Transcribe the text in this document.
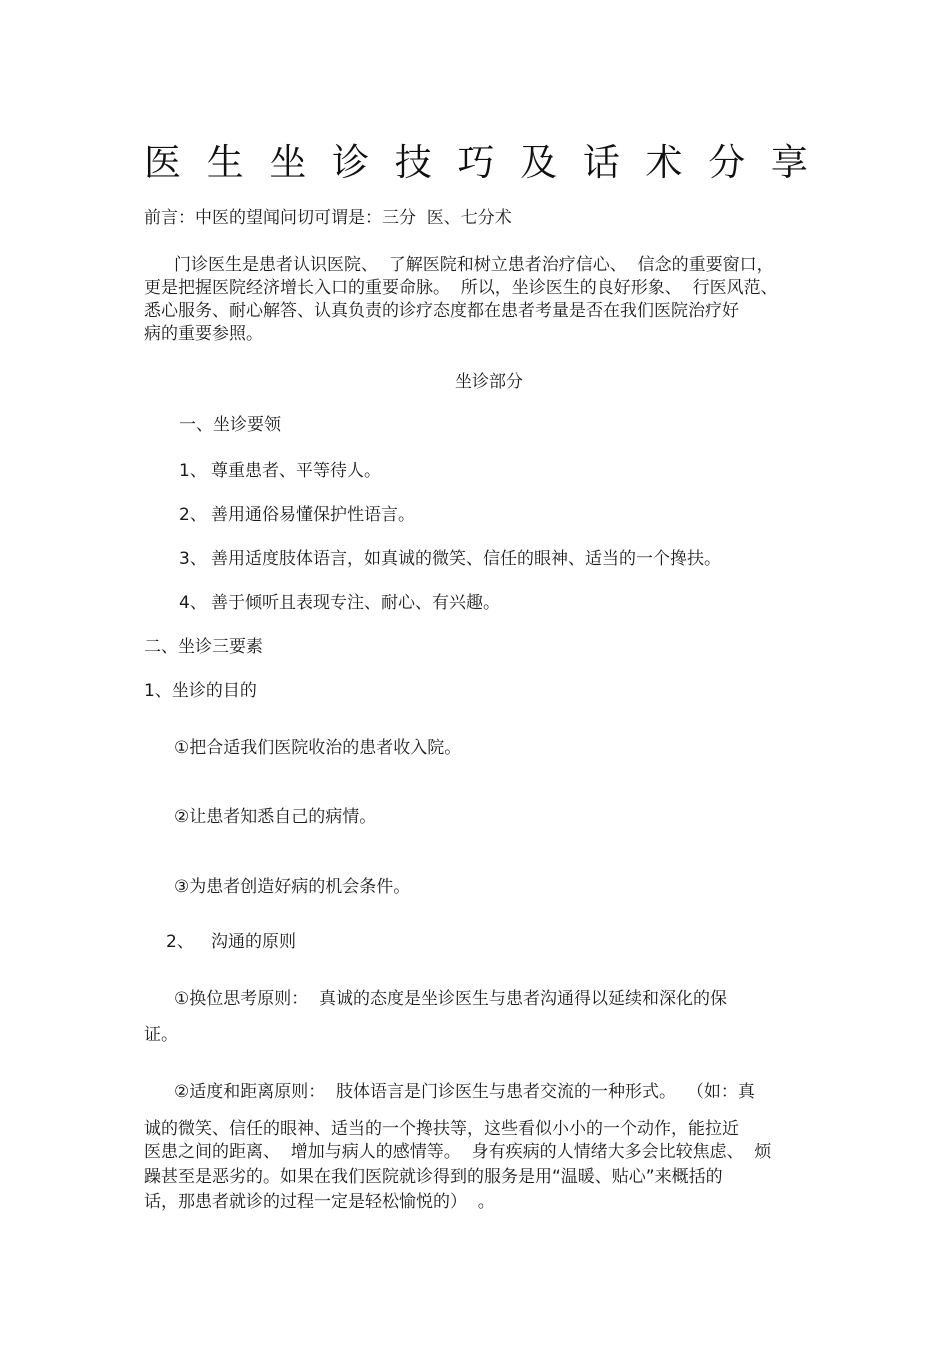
医 生 坐 诊 技 巧 及 话 术 分 享
前言：中医的望闻问切可谓是：三分  医、七分术
门诊医生是患者认识医院、  了解医院和树立患者治疗信心、  信念的重要窗口，
更是把握医院经济增长入口的重要命脉。  所以，坐诊医生的良好形象、  行医风范、
悉心服务、耐心解答、认真负责的诊疗态度都在患者考量是否在我们医院治疗好
病的重要参照。
坐诊部分
一、坐诊要领
1、 尊重患者、平等待人。
2、 善用通俗易懂保护性语言。
3、 善用适度肢体语言，如真诚的微笑、信任的眼神、适当的一个搀扶。
4、 善于倾听且表现专注、耐心、有兴趣。
二、坐诊三要素
1、坐诊的目的
①把合适我们医院收治的患者收入院。
②让患者知悉自己的病情。
③为患者创造好病的机会条件。
2、 沟通的原则
①换位思考原则：  真诚的态度是坐诊医生与患者沟通得以延续和深化的保
证。
②适度和距离原则：  肢体语言是门诊医生与患者交流的一种形式。  （如：真
诚的微笑、信任的眼神、适当的一个搀扶等，这些看似小小的一个动作，能拉近
医患之间的距离、  增加与病人的感情等。  身有疾病的人情绪大多会比较焦虑、  烦
躁甚至是恶劣的。如果在我们医院就诊得到的服务是用“温暖、贴心”来概括的
话，那患者就诊的过程一定是轻松愉悦的）  。
